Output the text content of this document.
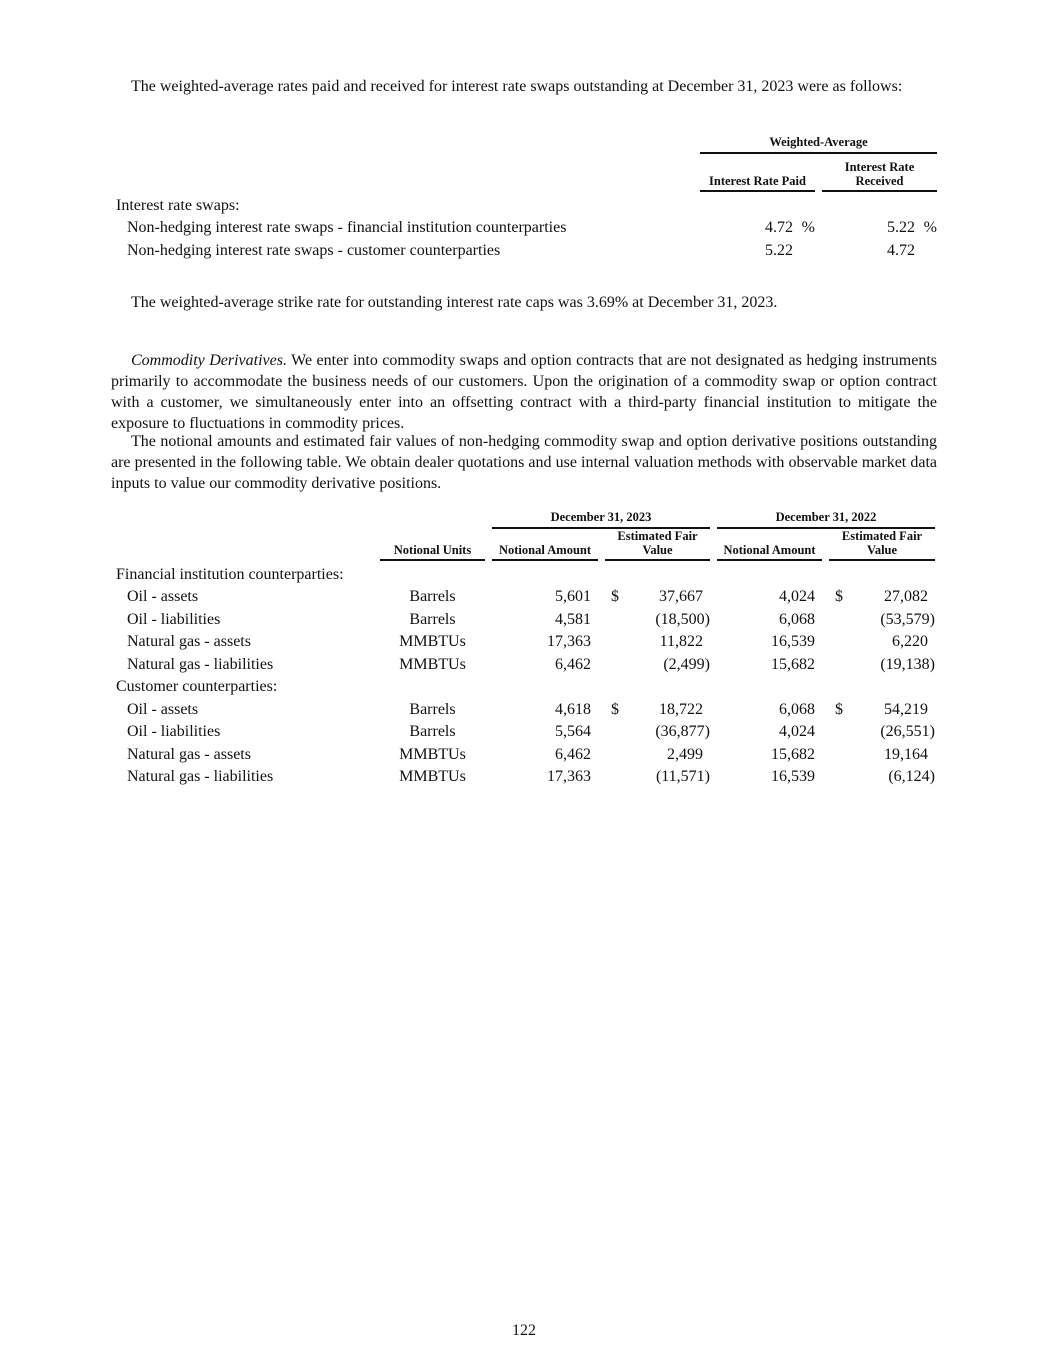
The weighted-average rates paid and received for interest rate swaps outstanding at December 31, 2023 were as follows:

	Weighted-Average	
	Interest Rate Paid	Interest Rate Received
Interest rate swaps:		
Non-hedging interest rate swaps - financial institution counterparties	4.72 %	5.22 %
Non-hedging interest rate swaps - customer counterparties	5.22	4.72

The weighted-average strike rate for outstanding interest rate caps was 3.69% at December 31, 2023.

Commodity Derivatives. We enter into commodity swaps and option contracts that are not designated as hedging instruments primarily to accommodate the business needs of our customers. Upon the origination of a commodity swap or option contract with a customer, we simultaneously enter into an offsetting contract with a third-party financial institution to mitigate the exposure to fluctuations in commodity prices.

The notional amounts and estimated fair values of non-hedging commodity swap and option derivative positions outstanding are presented in the following table. We obtain dealer quotations and use internal valuation methods with observable market data inputs to value our commodity derivative positions.

		December 31, 2023		December 31, 2022	
	Notional Units	Notional Amount	Estimated Fair Value	Notional Amount	Estimated Fair Value
Financial institution counterparties:					
Oil - assets	Barrels	5,601	$ 37,667	4,024	$ 27,082
Oil - liabilities	Barrels	4,581	(18,500)	6,068	(53,579)
Natural gas - assets	MMBTUs	17,363	11,822	16,539	6,220
Natural gas - liabilities	MMBTUs	6,462	(2,499)	15,682	(19,138)
Customer counterparties:					
Oil - assets	Barrels	4,618	$ 18,722	6,068	$ 54,219
Oil - liabilities	Barrels	5,564	(36,877)	4,024	(26,551)
Natural gas - assets	MMBTUs	6,462	2,499	15,682	19,164
Natural gas - liabilities	MMBTUs	17,363	(11,571)	16,539	(6,124)
122
